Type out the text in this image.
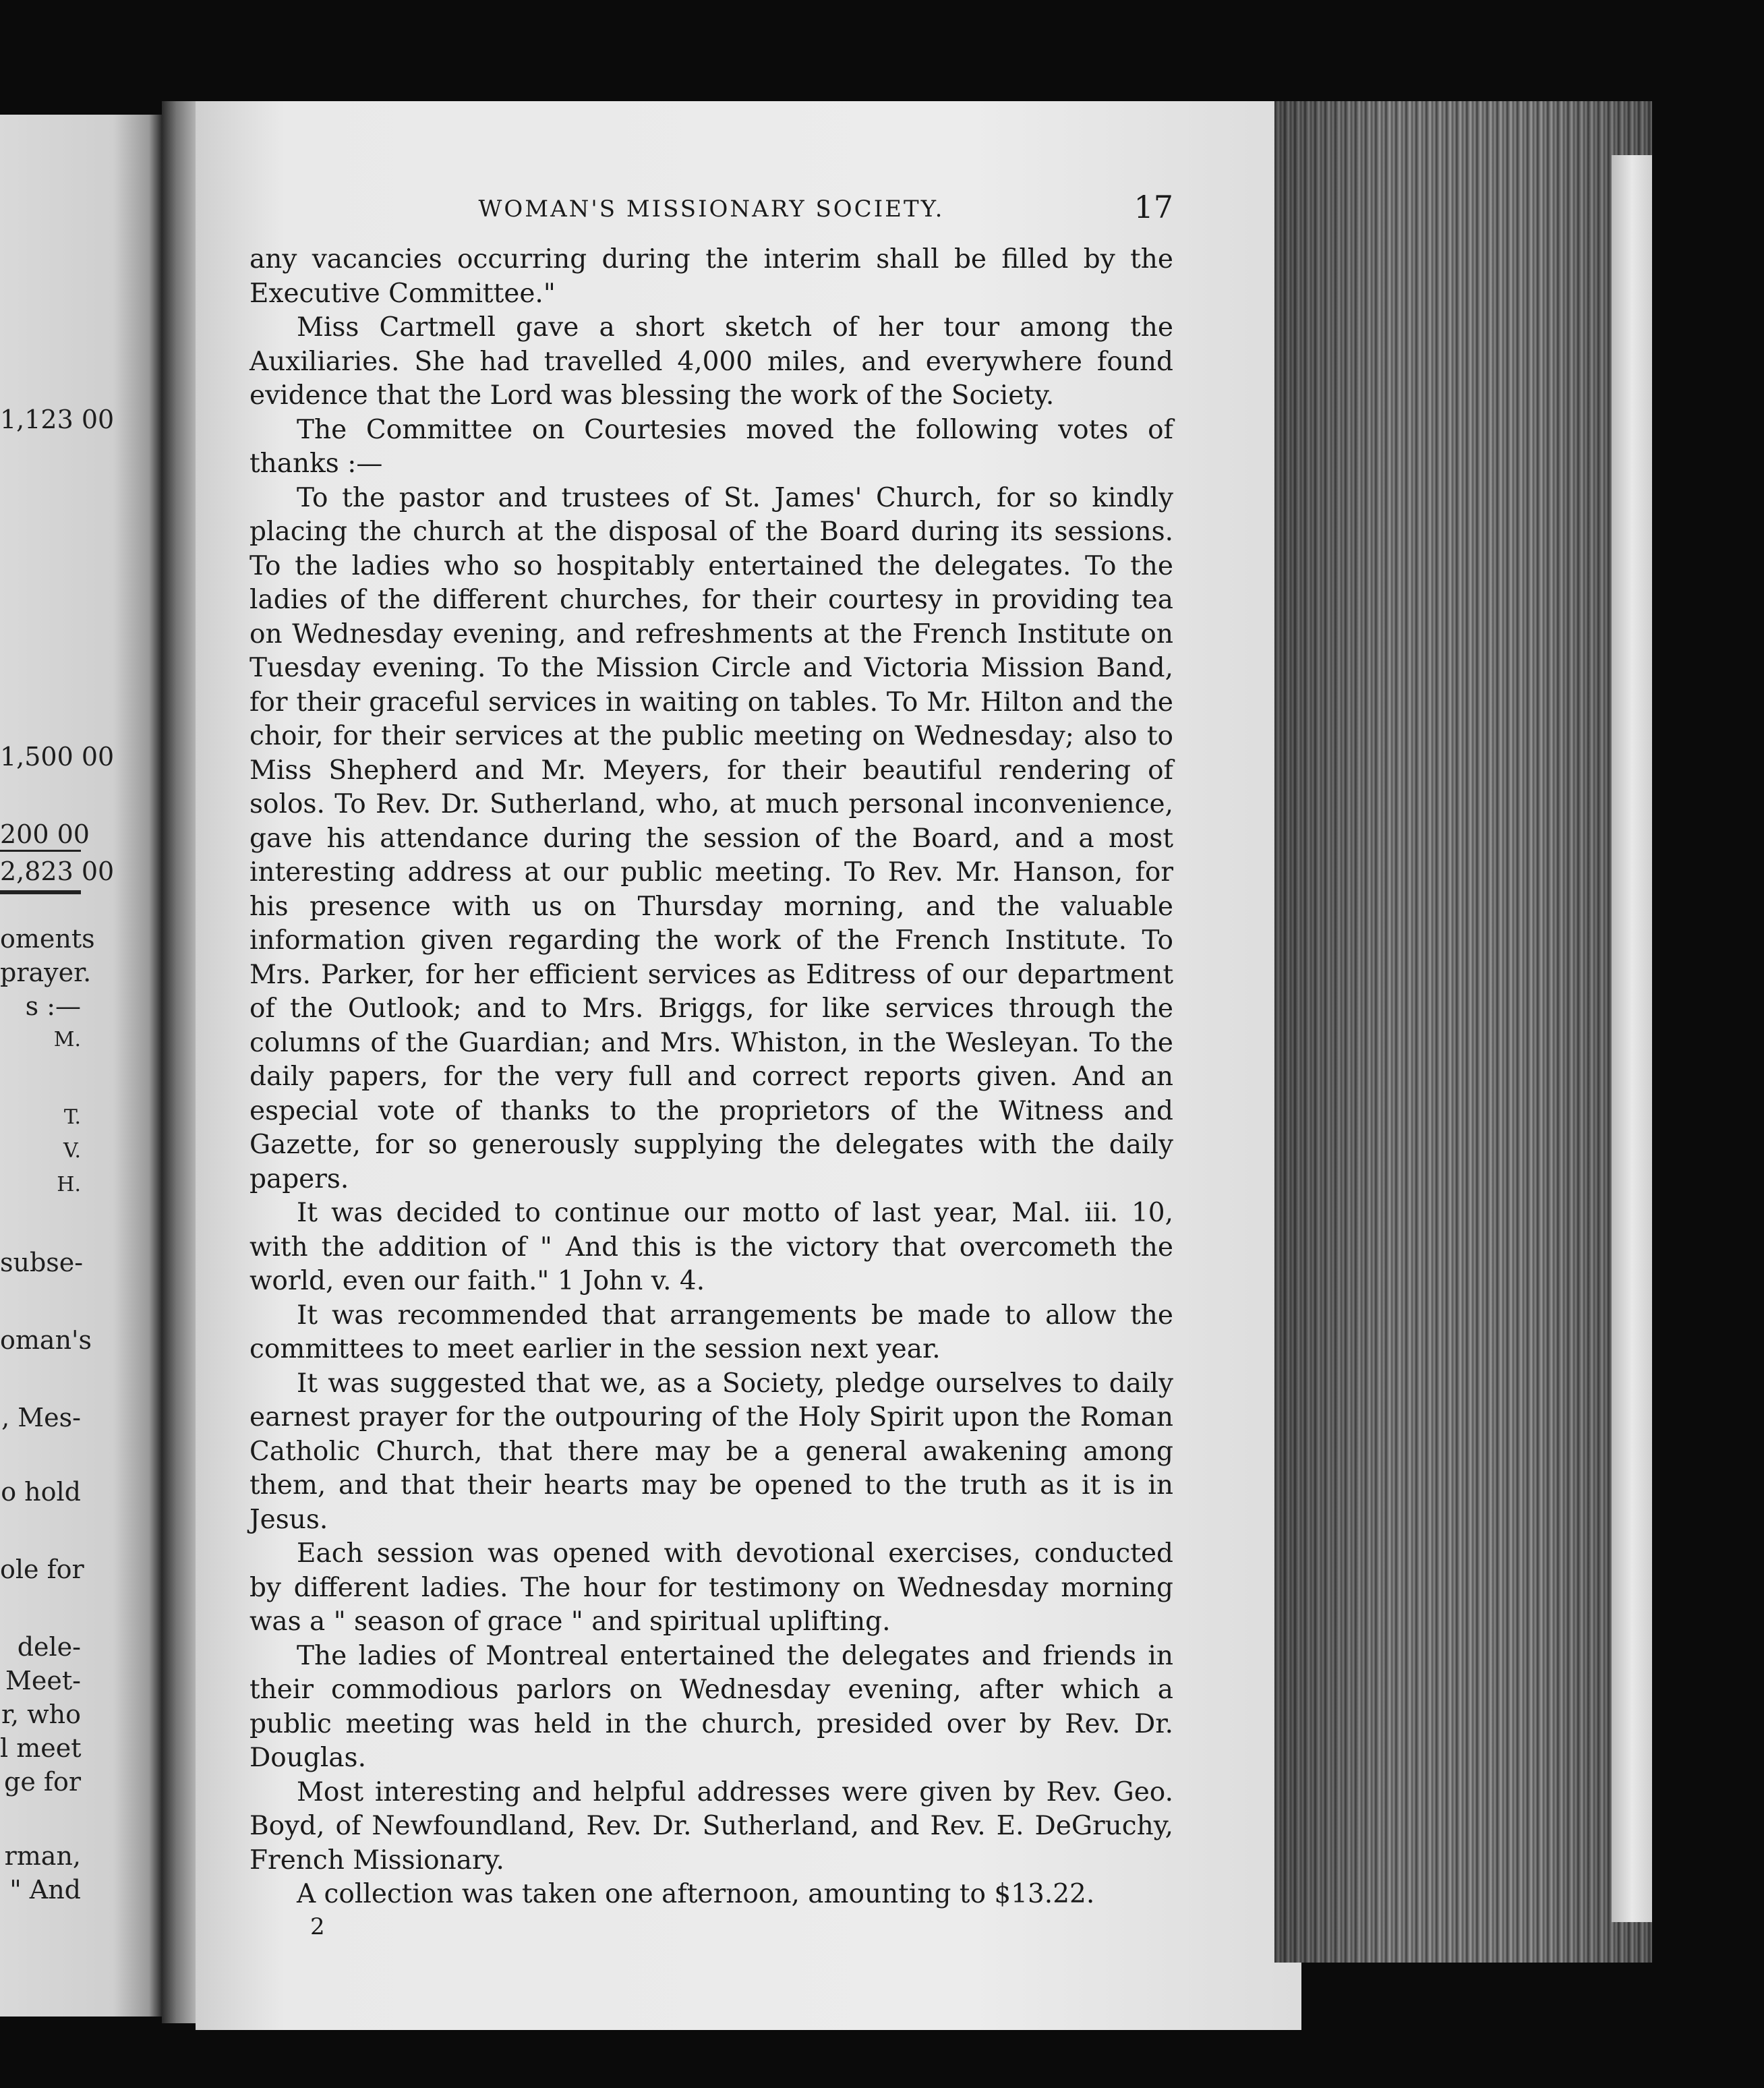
1,123 00
1,500 00
200 00
2,823 00
oments
prayer.
s :—
M.
T.
V.
H.
subse-
oman's
, Mes-
o hold
ole for
dele-
Meet-
r, who
l meet
ge for
rman,
" And
WOMAN'S MISSIONARY SOCIETY.	17

any vacancies occurring during the interim shall be filled by the Executive Committee."

Miss Cartmell gave a short sketch of her tour among the Auxiliaries. She had travelled 4,000 miles, and everywhere found evidence that the Lord was blessing the work of the Society.

The Committee on Courtesies moved the following votes of thanks :—

To the pastor and trustees of St. James' Church, for so kindly placing the church at the disposal of the Board during its sessions. To the ladies who so hospitably entertained the delegates. To the ladies of the different churches, for their courtesy in providing tea on Wednesday evening, and refreshments at the French Institute on Tuesday evening. To the Mission Circle and Victoria Mission Band, for their graceful services in waiting on tables. To Mr. Hilton and the choir, for their services at the public meeting on Wednesday; also to Miss Shepherd and Mr. Meyers, for their beautiful rendering of solos. To Rev. Dr. Sutherland, who, at much personal inconvenience, gave his attendance during the session of the Board, and a most interesting address at our public meeting. To Rev. Mr. Hanson, for his presence with us on Thursday morning, and the valuable information given regarding the work of the French Institute. To Mrs. Parker, for her efficient services as Editress of our department of the Outlook; and to Mrs. Briggs, for like services through the columns of the Guardian; and Mrs. Whiston, in the Wesleyan. To the daily papers, for the very full and correct reports given. And an especial vote of thanks to the proprietors of the Witness and Gazette, for so generously supplying the delegates with the daily papers.

It was decided to continue our motto of last year, Mal. iii. 10, with the addition of " And this is the victory that overcometh the world, even our faith." 1 John v. 4.

It was recommended that arrangements be made to allow the committees to meet earlier in the session next year.

It was suggested that we, as a Society, pledge ourselves to daily earnest prayer for the outpouring of the Holy Spirit upon the Roman Catholic Church, that there may be a general awakening among them, and that their hearts may be opened to the truth as it is in Jesus.

Each session was opened with devotional exercises, conducted by different ladies. The hour for testimony on Wednesday morning was a " season of grace " and spiritual uplifting.

The ladies of Montreal entertained the delegates and friends in their commodious parlors on Wednesday evening, after which a public meeting was held in the church, presided over by Rev. Dr. Douglas.

Most interesting and helpful addresses were given by Rev. Geo. Boyd, of Newfoundland, Rev. Dr. Sutherland, and Rev. E. DeGruchy, French Missionary.

A collection was taken one afternoon, amounting to $13.22.

2
